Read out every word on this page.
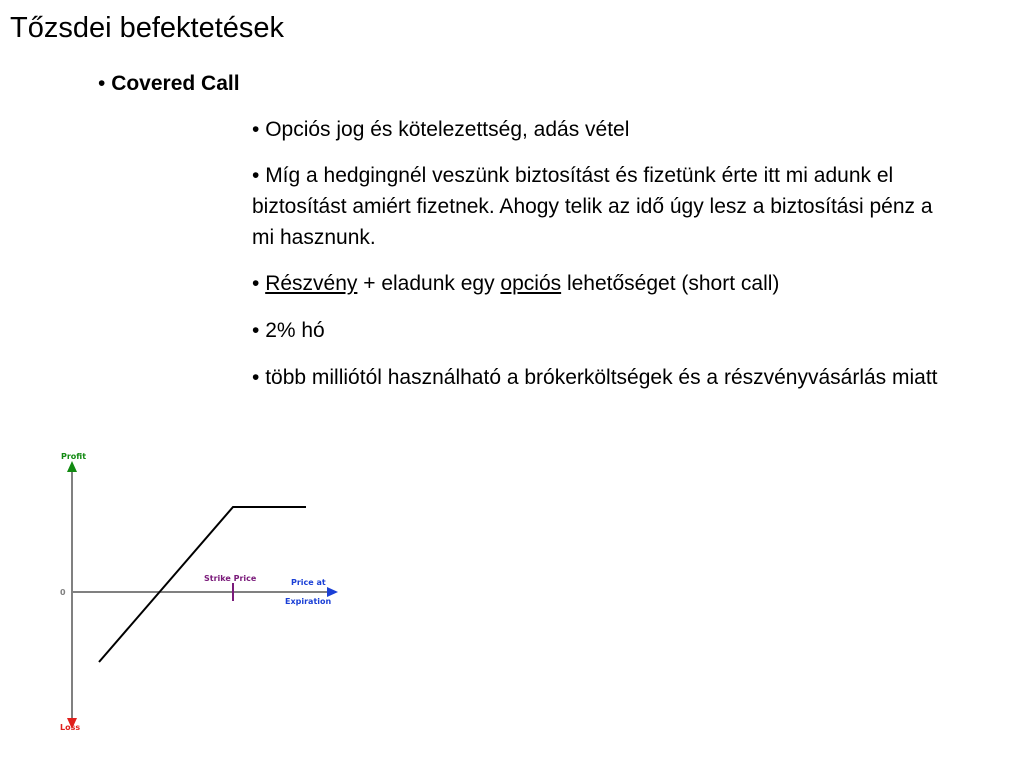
Tőzsdei befektetések
• Covered Call
• Opciós jog és kötelezettség, adás vétel
• Míg a hedgingnél veszünk biztosítást és fizetünk érte itt mi adunk el biztosítást amiért fizetnek. Ahogy telik az idő úgy lesz a biztosítási pénz a mi hasznunk.
• Részvény + eladunk egy opciós lehetőséget (short call)
• 2% hó
• több milliótól használható a brókerköltségek és a részvényvásárlás miatt
Profit
Loss
0
Price at
Expiration
Strike Price
